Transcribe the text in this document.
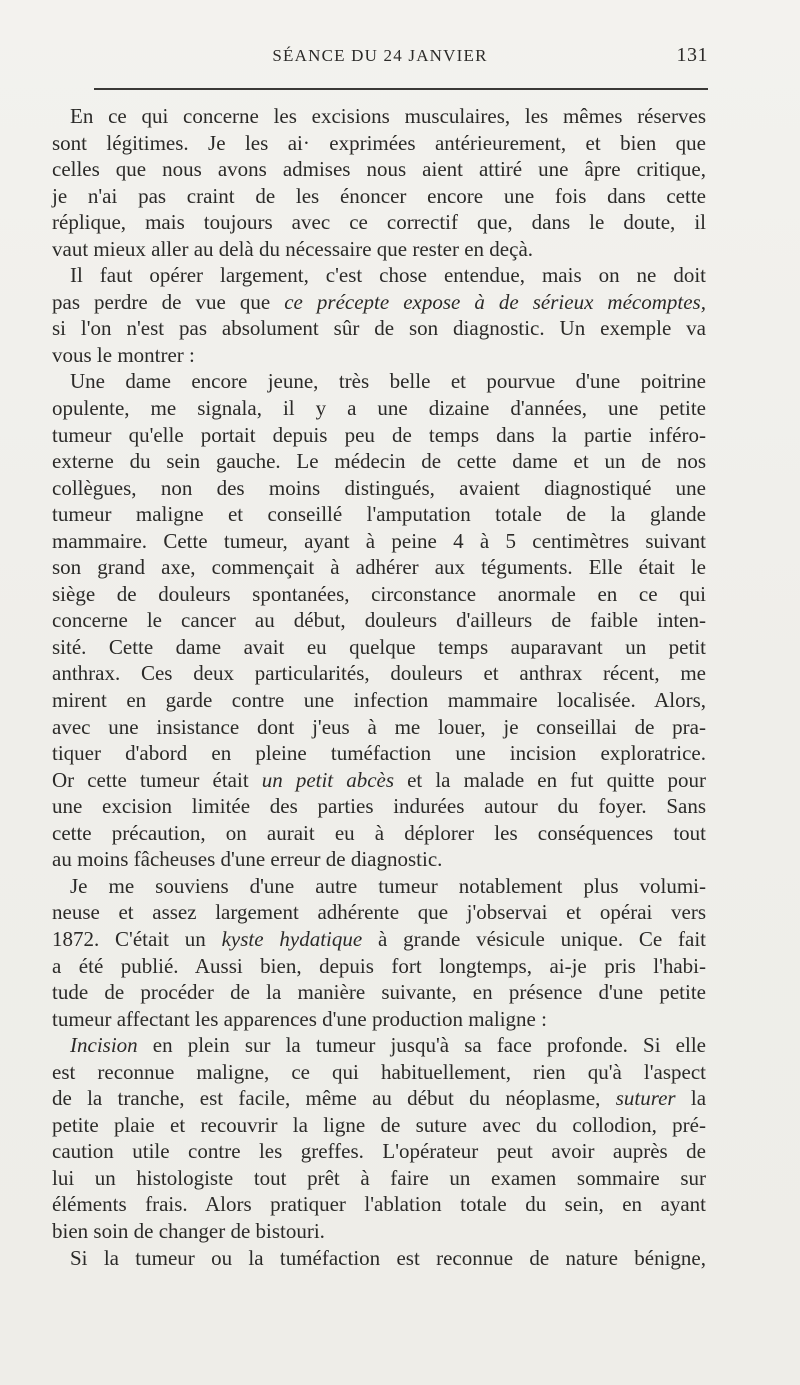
SÉANCE DU 24 JANVIER	131
En ce qui concerne les excisions musculaires, les mêmes réserves
sont légitimes. Je les ai· exprimées antérieurement, et bien que
celles que nous avons admises nous aient attiré une âpre critique,
je n'ai pas craint de les énoncer encore une fois dans cette
réplique, mais toujours avec ce correctif que, dans le doute, il
vaut mieux aller au delà du nécessaire que rester en deçà.
Il faut opérer largement, c'est chose entendue, mais on ne doit
pas perdre de vue que ce précepte expose à de sérieux mécomptes,
si l'on n'est pas absolument sûr de son diagnostic. Un exemple va
vous le montrer :
Une dame encore jeune, très belle et pourvue d'une poitrine
opulente, me signala, il y a une dizaine d'années, une petite
tumeur qu'elle portait depuis peu de temps dans la partie inféro-
externe du sein gauche. Le médecin de cette dame et un de nos
collègues, non des moins distingués, avaient diagnostiqué une
tumeur maligne et conseillé l'amputation totale de la glande
mammaire. Cette tumeur, ayant à peine 4 à 5 centimètres suivant
son grand axe, commençait à adhérer aux téguments. Elle était le
siège de douleurs spontanées, circonstance anormale en ce qui
concerne le cancer au début, douleurs d'ailleurs de faible inten-
sité. Cette dame avait eu quelque temps auparavant un petit
anthrax. Ces deux particularités, douleurs et anthrax récent, me
mirent en garde contre une infection mammaire localisée. Alors,
avec une insistance dont j'eus à me louer, je conseillai de pra-
tiquer d'abord en pleine tuméfaction une incision exploratrice.
Or cette tumeur était un petit abcès et la malade en fut quitte pour
une excision limitée des parties indurées autour du foyer. Sans
cette précaution, on aurait eu à déplorer les conséquences tout
au moins fâcheuses d'une erreur de diagnostic.
Je me souviens d'une autre tumeur notablement plus volumi-
neuse et assez largement adhérente que j'observai et opérai vers
1872. C'était un kyste hydatique à grande vésicule unique. Ce fait
a été publié. Aussi bien, depuis fort longtemps, ai-je pris l'habi-
tude de procéder de la manière suivante, en présence d'une petite
tumeur affectant les apparences d'une production maligne :
Incision en plein sur la tumeur jusqu'à sa face profonde. Si elle
est reconnue maligne, ce qui habituellement, rien qu'à l'aspect
de la tranche, est facile, même au début du néoplasme, suturer la
petite plaie et recouvrir la ligne de suture avec du collodion, pré-
caution utile contre les greffes. L'opérateur peut avoir auprès de
lui un histologiste tout prêt à faire un examen sommaire sur
éléments frais. Alors pratiquer l'ablation totale du sein, en ayant
bien soin de changer de bistouri.
Si la tumeur ou la tuméfaction est reconnue de nature bénigne,
